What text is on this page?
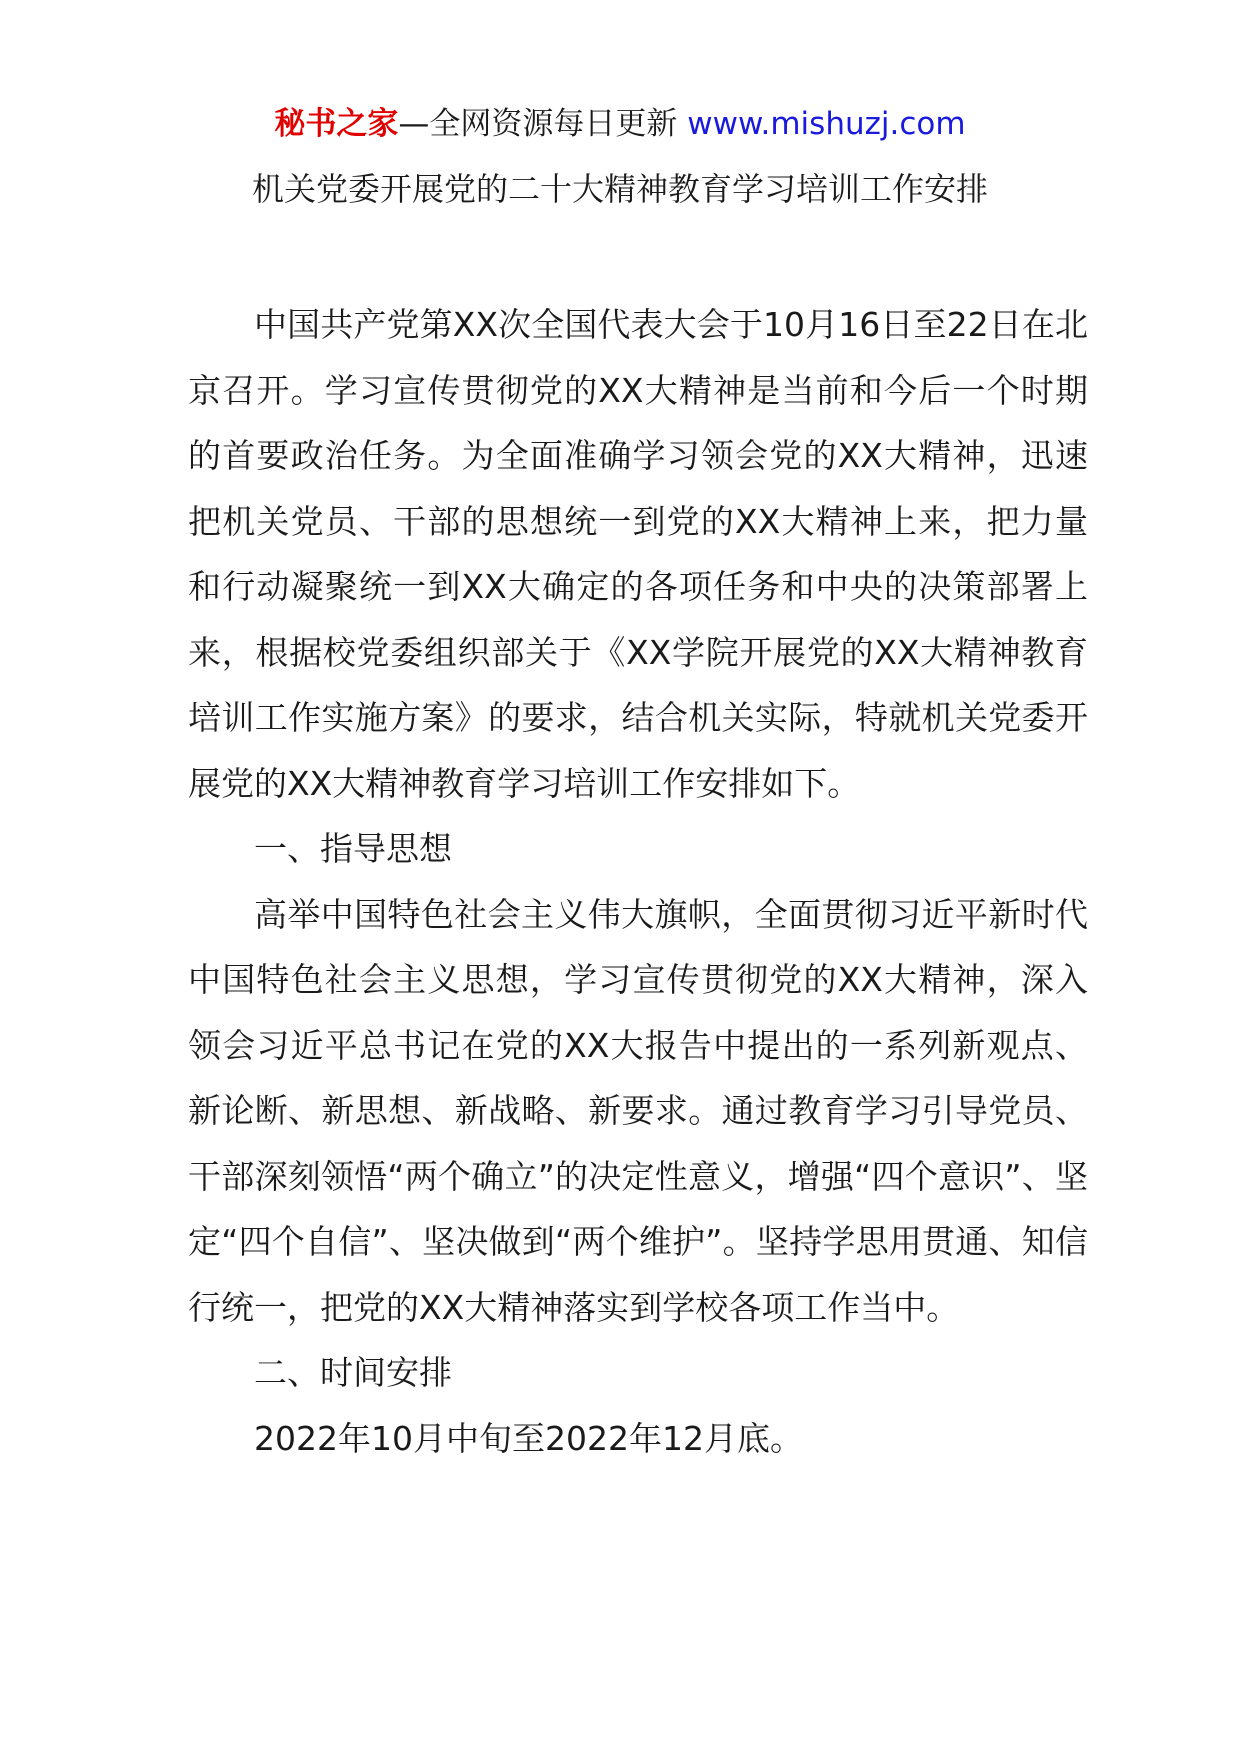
秘书之家—全网资源每日更新 www.mishuzj.com
机关党委开展党的二十大精神教育学习培训工作安排

中国共产党第XX次全国代表大会于10月16日至22日在北京召开。学习宣传贯彻党的XX大精神是当前和今后一个时期的首要政治任务。为全面准确学习领会党的XX大精神，迅速把机关党员、干部的思想统一到党的XX大精神上来，把力量和行动凝聚统一到XX大确定的各项任务和中央的决策部署上来，根据校党委组织部关于《XX学院开展党的XX大精神教育培训工作实施方案》的要求，结合机关实际，特就机关党委开展党的XX大精神教育学习培训工作安排如下。

一、指导思想

高举中国特色社会主义伟大旗帜，全面贯彻习近平新时代中国特色社会主义思想，学习宣传贯彻党的XX大精神，深入领会习近平总书记在党的XX大报告中提出的一系列新观点、新论断、新思想、新战略、新要求。通过教育学习引导党员、干部深刻领悟“两个确立”的决定性意义，增强“四个意识”、坚定“四个自信”、坚决做到“两个维护”。坚持学思用贯通、知信行统一，把党的XX大精神落实到学校各项工作当中。

二、时间安排

2022年10月中旬至2022年12月底。
